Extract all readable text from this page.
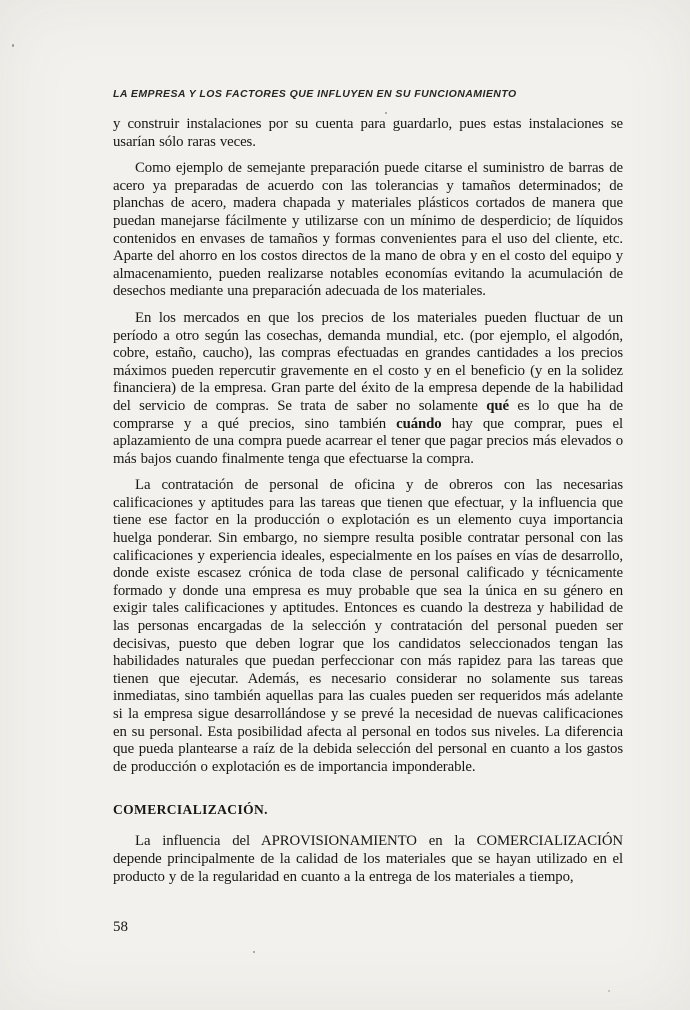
LA EMPRESA Y LOS FACTORES QUE INFLUYEN EN SU FUNCIONAMIENTO

y construir instalaciones por su cuenta para guardarlo, pues estas instalaciones se usarían sólo raras veces.

Como ejemplo de semejante preparación puede citarse el suministro de barras de acero ya preparadas de acuerdo con las tolerancias y tamaños determinados; de planchas de acero, madera chapada y materiales plásticos cortados de manera que puedan manejarse fácilmente y utilizarse con un mínimo de desperdicio; de líquidos contenidos en envases de tamaños y formas convenientes para el uso del cliente, etc. Aparte del ahorro en los costos directos de la mano de obra y en el costo del equipo y almacenamiento, pueden realizarse notables economías evitando la acumulación de desechos mediante una preparación adecuada de los materiales.

En los mercados en que los precios de los materiales pueden fluctuar de un período a otro según las cosechas, demanda mundial, etc. (por ejemplo, el algodón, cobre, estaño, caucho), las compras efectuadas en grandes cantidades a los precios máximos pueden repercutir gravemente en el costo y en el beneficio (y en la solidez financiera) de la empresa. Gran parte del éxito de la empresa depende de la habilidad del servicio de compras. Se trata de saber no solamente qué es lo que ha de comprarse y a qué precios, sino también cuándo hay que comprar, pues el aplazamiento de una compra puede acarrear el tener que pagar precios más elevados o más bajos cuando finalmente tenga que efectuarse la compra.

La contratación de personal de oficina y de obreros con las necesarias calificaciones y aptitudes para las tareas que tienen que efectuar, y la influencia que tiene ese factor en la producción o explotación es un elemento cuya importancia huelga ponderar. Sin embargo, no siempre resulta posible contratar personal con las calificaciones y experiencia ideales, especialmente en los países en vías de desarrollo, donde existe escasez crónica de toda clase de personal calificado y técnicamente formado y donde una empresa es muy probable que sea la única en su género en exigir tales calificaciones y aptitudes. Entonces es cuando la destreza y habilidad de las personas encargadas de la selección y contratación del personal pueden ser decisivas, puesto que deben lograr que los candidatos seleccionados tengan las habilidades naturales que puedan perfeccionar con más rapidez para las tareas que tienen que ejecutar. Además, es necesario considerar no solamente sus tareas inmediatas, sino también aquellas para las cuales pueden ser requeridos más adelante si la empresa sigue desarrollándose y se prevé la necesidad de nuevas calificaciones en su personal. Esta posibilidad afecta al personal en todos sus niveles. La diferencia que pueda plantearse a raíz de la debida selección del personal en cuanto a los gastos de producción o explotación es de importancia imponderable.

COMERCIALIZACIÓN.

La influencia del APROVISIONAMIENTO en la COMERCIALIZACIÓN depende principalmente de la calidad de los materiales que se hayan utilizado en el producto y de la regularidad en cuanto a la entrega de los materiales a tiempo,

58
